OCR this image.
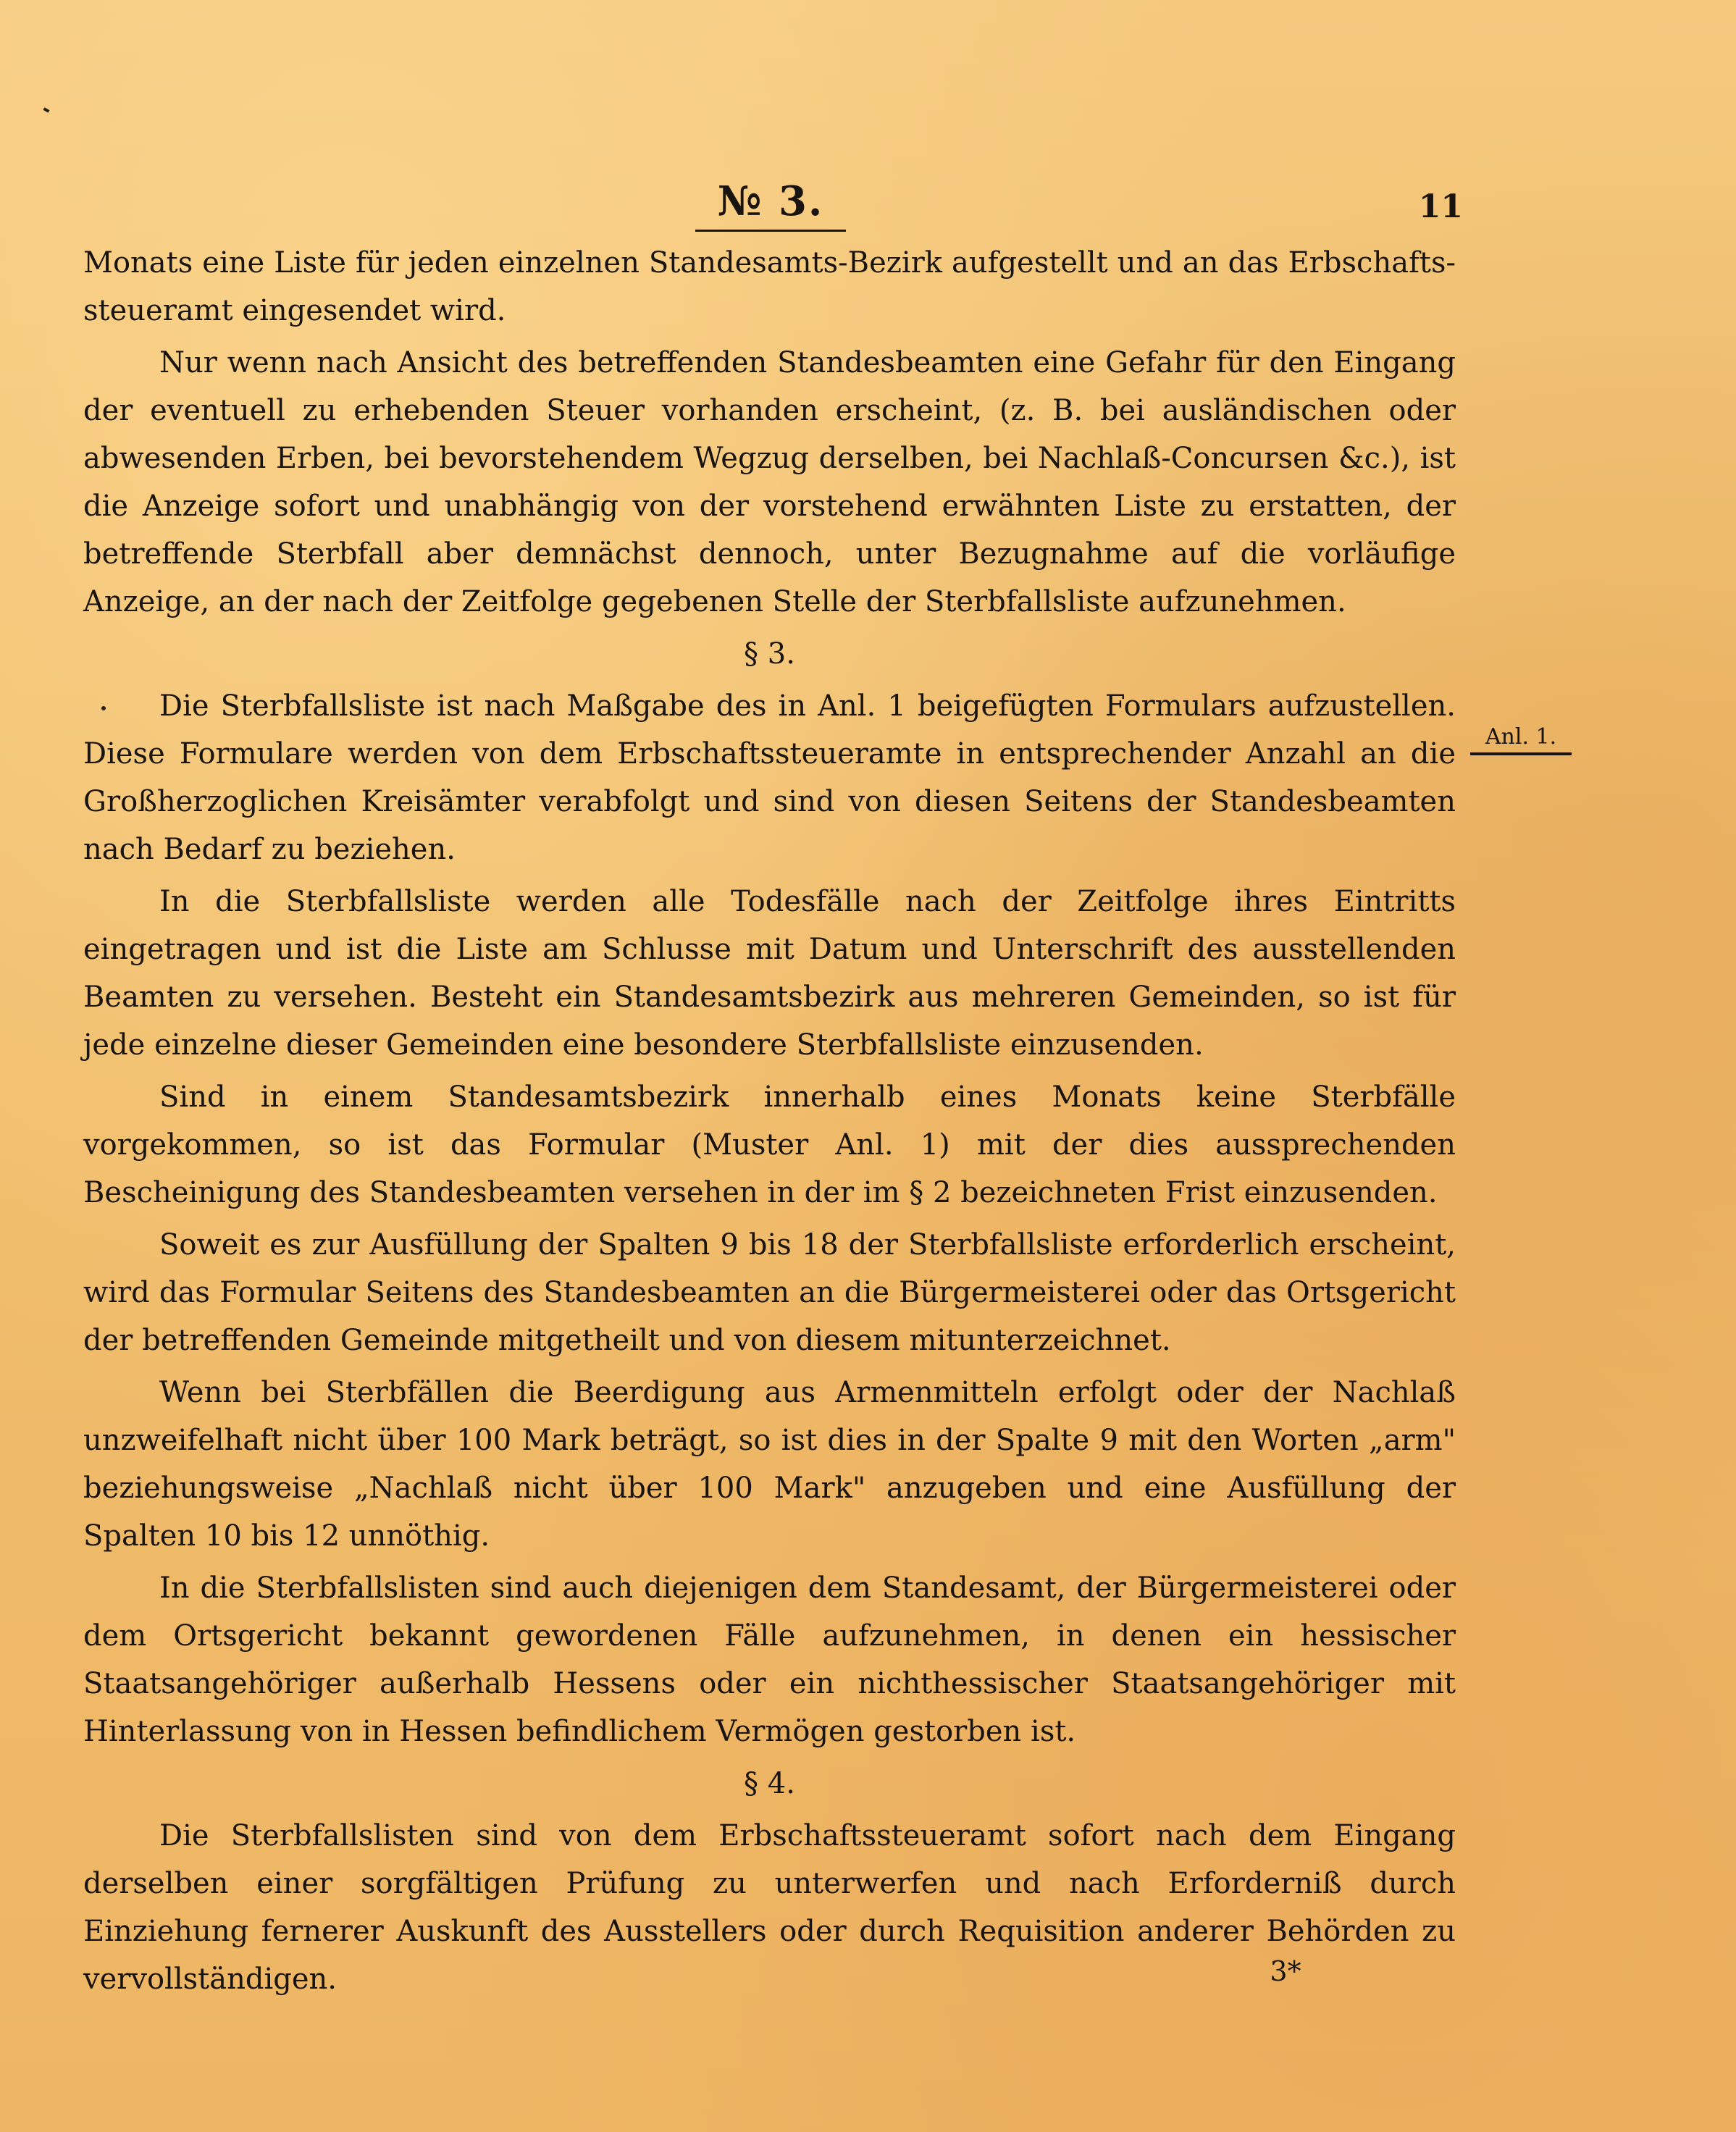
№ 3.	11
Anl. 1.

Monats eine Liste für jeden einzelnen Standesamts-Bezirk aufgestellt und an das Erbschafts-steueramt eingesendet wird.

Nur wenn nach Ansicht des betreffenden Standesbeamten eine Gefahr für den Eingang der eventuell zu erhebenden Steuer vorhanden erscheint, (z. B. bei ausländischen oder abwesenden Erben, bei bevorstehendem Wegzug derselben, bei Nachlaß-Concursen &c.), ist die Anzeige sofort und unabhängig von der vorstehend erwähnten Liste zu erstatten, der betreffende Sterbfall aber demnächst dennoch, unter Bezugnahme auf die vorläufige Anzeige, an der nach der Zeitfolge gegebenen Stelle der Sterbfallsliste aufzunehmen.

§ 3.

Die Sterbfallsliste ist nach Maßgabe des in Anl. 1 beigefügten Formulars aufzustellen. Diese Formulare werden von dem Erbschaftssteueramte in entsprechender Anzahl an die Großherzoglichen Kreisämter verabfolgt und sind von diesen Seitens der Standesbeamten nach Bedarf zu beziehen.

In die Sterbfallsliste werden alle Todesfälle nach der Zeitfolge ihres Eintritts eingetragen und ist die Liste am Schlusse mit Datum und Unterschrift des ausstellenden Beamten zu versehen. Besteht ein Standesamtsbezirk aus mehreren Gemeinden, so ist für jede einzelne dieser Gemeinden eine besondere Sterbfallsliste einzusenden.

Sind in einem Standesamtsbezirk innerhalb eines Monats keine Sterbfälle vorgekommen, so ist das Formular (Muster Anl. 1) mit der dies aussprechenden Bescheinigung des Standesbeamten versehen in der im § 2 bezeichneten Frist einzusenden.

Soweit es zur Ausfüllung der Spalten 9 bis 18 der Sterbfallsliste erforderlich erscheint, wird das Formular Seitens des Standesbeamten an die Bürgermeisterei oder das Ortsgericht der betreffenden Gemeinde mitgetheilt und von diesem mitunterzeichnet.

Wenn bei Sterbfällen die Beerdigung aus Armenmitteln erfolgt oder der Nachlaß unzweifelhaft nicht über 100 Mark beträgt, so ist dies in der Spalte 9 mit den Worten „arm" beziehungsweise „Nachlaß nicht über 100 Mark" anzugeben und eine Ausfüllung der Spalten 10 bis 12 unnöthig.

In die Sterbfallslisten sind auch diejenigen dem Standesamt, der Bürgermeisterei oder dem Ortsgericht bekannt gewordenen Fälle aufzunehmen, in denen ein hessischer Staatsangehöriger außerhalb Hessens oder ein nichthessischer Staatsangehöriger mit Hinterlassung von in Hessen befindlichem Vermögen gestorben ist.

§ 4.

Die Sterbfallslisten sind von dem Erbschaftssteueramt sofort nach dem Eingang derselben einer sorgfältigen Prüfung zu unterwerfen und nach Erforderniß durch Einziehung fernerer Auskunft des Ausstellers oder durch Requisition anderer Behörden zu vervollständigen.	3*
